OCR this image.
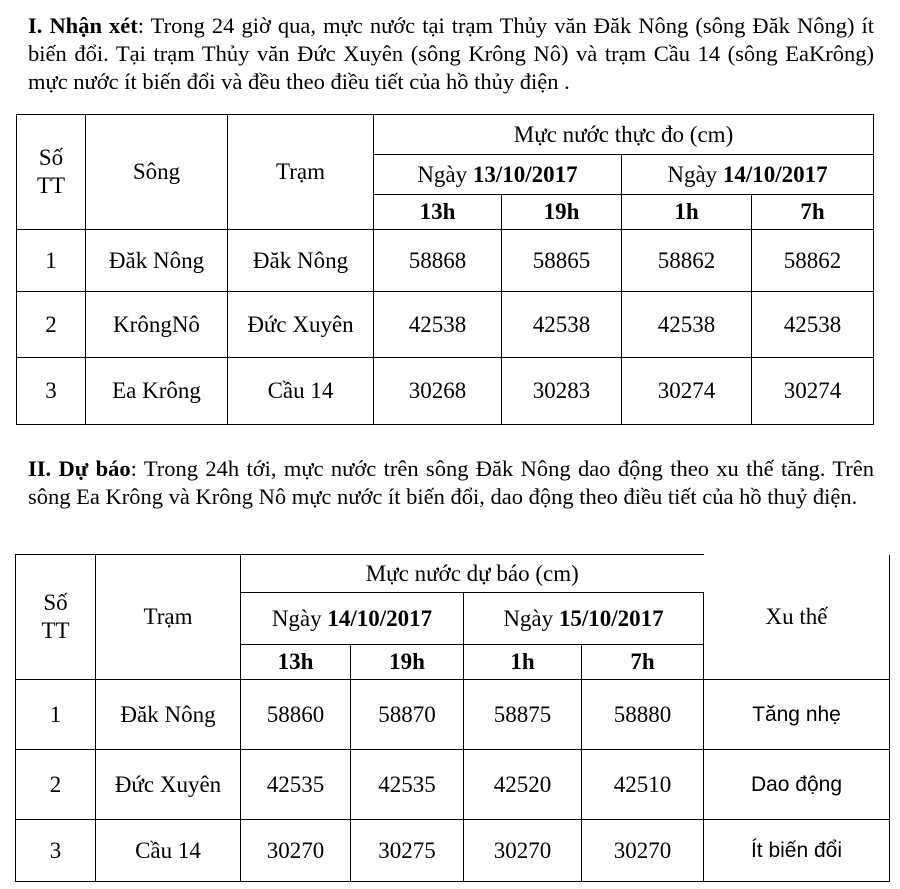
I. Nhận xét: Trong 24 giờ qua, mực nước tại trạm Thủy văn Đăk Nông (sông Đăk Nông) ít biến đổi. Tại trạm Thủy văn Đức Xuyên (sông Krông Nô) và trạm Cầu 14 (sông EaKrông) mực nước ít biến đổi và đều theo điều tiết của hồ thủy điện .
Số TT	Sông	Trạm	Mực nước thực đo (cm)			
			Ngày 13/10/2017		Ngày 14/10/2017	
			13h	19h	1h	7h
1	Đăk Nông	Đăk Nông	58868	58865	58862	58862
2	KrôngNô	Đức Xuyên	42538	42538	42538	42538
3	Ea Krông	Cầu 14	30268	30283	30274	30274
II. Dự báo: Trong 24h tới, mực nước trên sông Đăk Nông dao động theo xu thế tăng. Trên sông Ea Krông và Krông Nô mực nước ít biến đổi, dao động theo điều tiết của hồ thuỷ điện.
Số TT	Trạm	Mực nước dự báo (cm)				Xu thế
		Ngày 14/10/2017		Ngày 15/10/2017		
		13h	19h	1h	7h	
1	Đăk Nông	58860	58870	58875	58880	Tăng nhẹ
2	Đức Xuyên	42535	42535	42520	42510	Dao động
3	Cầu 14	30270	30275	30270	30270	Ít biến đổi
